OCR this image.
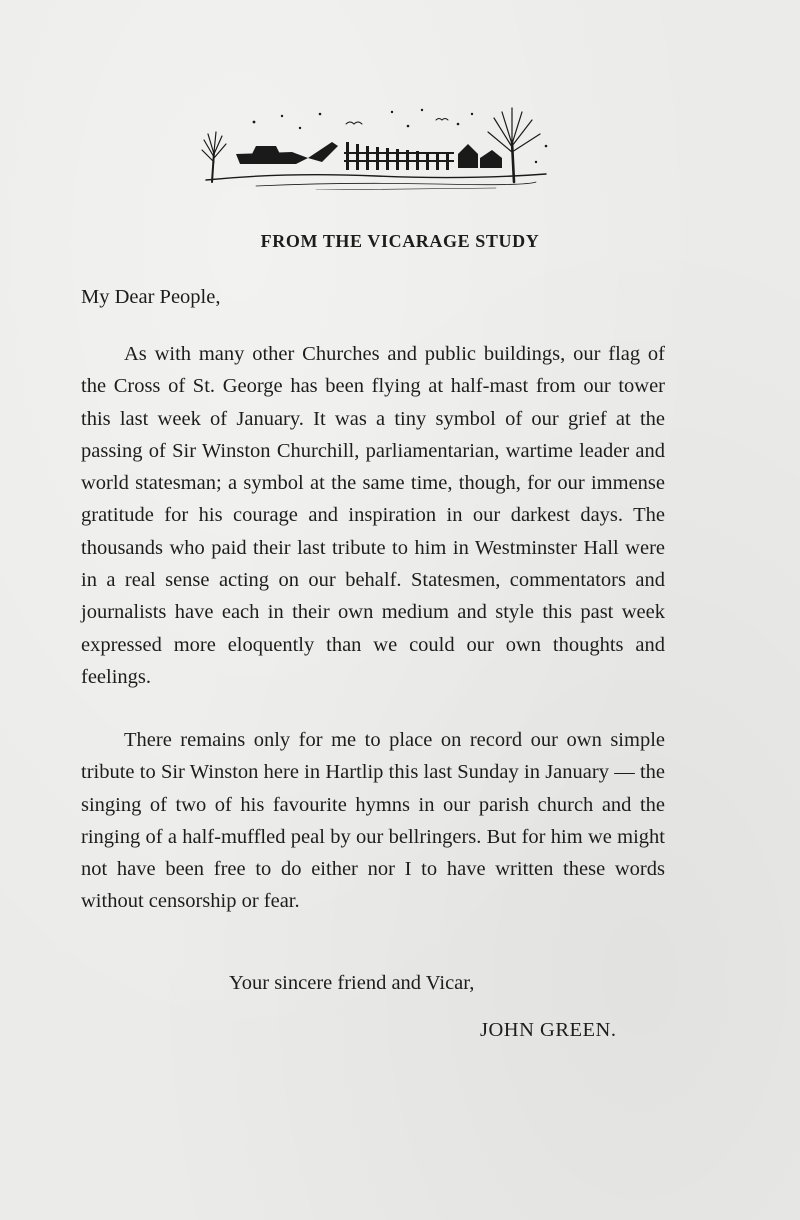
FROM THE VICARAGE STUDY
My Dear People,

As with many other Churches and public buildings, our flag of the Cross of St. George has been flying at half-mast from our tower this last week of January. It was a tiny symbol of our grief at the passing of Sir Winston Churchill, parliamentarian, wartime leader and world statesman; a symbol at the same time, though, for our immense gratitude for his courage and inspiration in our darkest days. The thousands who paid their last tribute to him in Westminster Hall were in a real sense acting on our behalf. Statesmen, commentators and journalists have each in their own medium and style this past week expressed more eloquently than we could our own thoughts and feelings.

There remains only for me to place on record our own simple tribute to Sir Winston here in Hartlip this last Sunday in January — the singing of two of his favourite hymns in our parish church and the ringing of a half-muffled peal by our bellringers. But for him we might not have been free to do either nor I to have written these words without censorship or fear.

Your sincere friend and Vicar,
JOHN GREEN.
